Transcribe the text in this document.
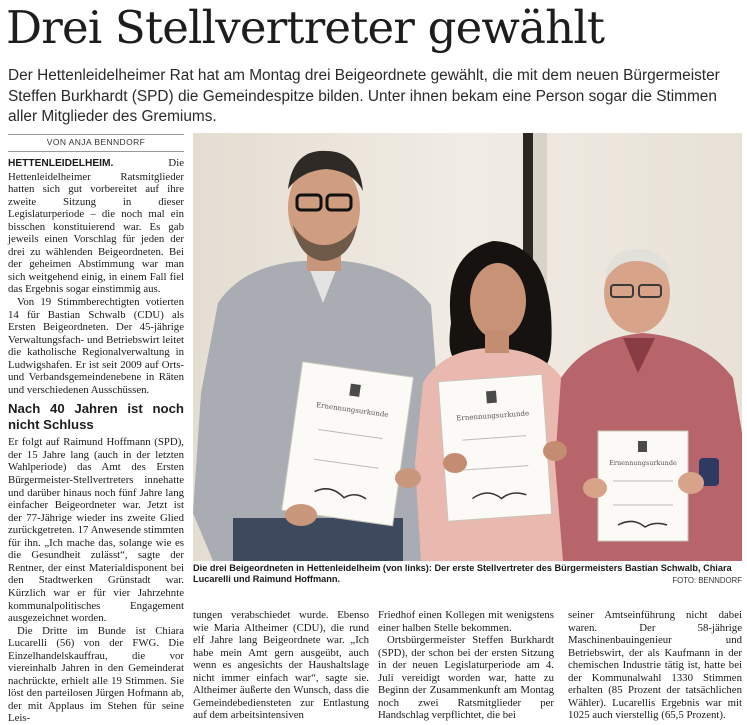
Drei Stellvertreter gewählt
Der Hettenleidelheimer Rat hat am Montag drei Beigeordnete gewählt, die mit dem neuen Bürgermeister Steffen Burkhardt (SPD) die Gemeindespitze bilden. Unter ihnen bekam eine Person sogar die Stimmen aller Mitglieder des Gremiums.
VON ANJA BENNDORF

HETTENLEIDELHEIM. Die Hettenleidelheimer Ratsmitglieder hatten sich gut vorbereitet auf ihre zweite Sitzung in dieser Legislaturperiode – die noch mal ein bisschen konstituierend war. Es gab jeweils einen Vorschlag für jeden der drei zu wählenden Beigeordneten. Bei der geheimen Abstimmung war man sich weitgehend einig, in einem Fall fiel das Ergebnis sogar einstimmig aus.

Von 19 Stimmberechtigten votierten 14 für Bastian Schwalb (CDU) als Ersten Beigeordneten. Der 45-jährige Verwaltungsfach- und Betriebswirt leitet die katholische Regionalverwaltung in Ludwigshafen. Er ist seit 2009 auf Orts- und Verbandsgemeindenebene in Räten und verschiedenen Ausschüssen.

Nach 40 Jahren ist noch nicht Schluss

Er folgt auf Raimund Hoffmann (SPD), der 15 Jahre lang (auch in der letzten Wahlperiode) das Amt des Ersten Bürgermeister-Stellvertreters innehatte und darüber hinaus noch fünf Jahre lang einfacher Beigeordneter war. Jetzt ist der 77-Jährige wieder ins zweite Glied zurückgetreten. 17 Anwesende stimmten für ihn. „Ich mache das, solange wie es die Gesundheit zulässt“, sagte der Rentner, der einst Materialdisponent bei den Stadtwerken Grünstadt war. Kürzlich war er für vier Jahrzehnte kommunalpolitisches Engagement ausgezeichnet worden.

Die Dritte im Bunde ist Chiara Lucarelli (56) von der FWG. Die Einzelhandelskauffrau, die vor viereinhalb Jahren in den Gemeinderat nachrückte, erhielt alle 19 Stimmen. Sie löst den parteilosen Jürgen Hofmann ab, der mit Applaus im Stehen für seine Leis-

Ernennungsurkunde	Ernennungsurkunde
Ernennungsurkunde
Die drei Beigeordneten in Hettenleidelheim (von links): Der erste Stellvertreter des Bürgermeisters Bastian Schwalb, Chiara Lucarelli und Raimund Hoffmann.	FOTO: BENNDORF

tungen verabschiedet wurde. Ebenso wie Maria Altheimer (CDU), die rund elf Jahre lang Beigeordnete war. „Ich habe mein Amt gern ausgeübt, auch wenn es angesichts der Haushaltslage nicht immer einfach war“, sagte sie. Altheimer äußerte den Wunsch, dass die Gemeindebediensteten zur Entlastung auf dem arbeitsintensiven

Friedhof einen Kollegen mit wenigstens einer halben Stelle bekommen.

Ortsbürgermeister Steffen Burkhardt (SPD), der schon bei der ersten Sitzung in der neuen Legislaturperiode am 4. Juli vereidigt worden war, hatte zu Beginn der Zusammenkunft am Montag noch zwei Ratsmitglieder per Handschlag verpflichtet, die bei

seiner Amtseinführung nicht dabei waren. Der 58-jährige Maschinenbauingenieur und Betriebswirt, der als Kaufmann in der chemischen Industrie tätig ist, hatte bei der Kommunalwahl 1330 Stimmen erhalten (85 Prozent der tatsächlichen Wähler). Lucarellis Ergebnis war mit 1025 auch vierstellig (65,5 Prozent).
